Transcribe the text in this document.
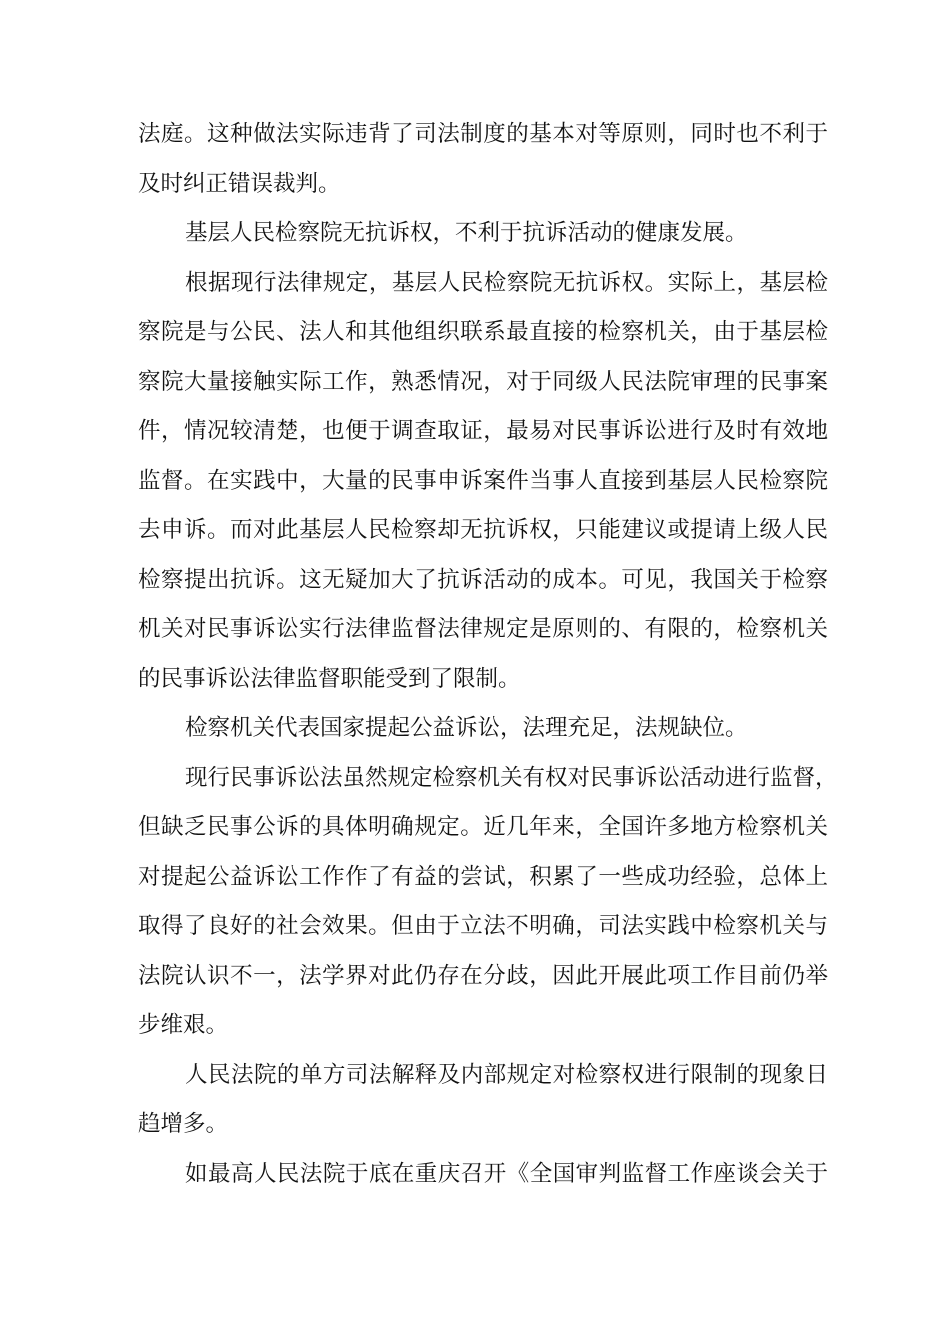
法庭。这种做法实际违背了司法制度的基本对等原则，同时也不利于
及时纠正错误裁判。
基层人民检察院无抗诉权，不利于抗诉活动的健康发展。
根据现行法律规定，基层人民检察院无抗诉权。实际上，基层检
察院是与公民、法人和其他组织联系最直接的检察机关，由于基层检
察院大量接触实际工作，熟悉情况，对于同级人民法院审理的民事案
件，情况较清楚，也便于调查取证，最易对民事诉讼进行及时有效地
监督。在实践中，大量的民事申诉案件当事人直接到基层人民检察院
去申诉。而对此基层人民检察却无抗诉权，只能建议或提请上级人民
检察提出抗诉。这无疑加大了抗诉活动的成本。可见，我国关于检察
机关对民事诉讼实行法律监督法律规定是原则的、有限的，检察机关
的民事诉讼法律监督职能受到了限制。
检察机关代表国家提起公益诉讼，法理充足，法规缺位。
现行民事诉讼法虽然规定检察机关有权对民事诉讼活动进行监督，
但缺乏民事公诉的具体明确规定。近几年来，全国许多地方检察机关
对提起公益诉讼工作作了有益的尝试，积累了一些成功经验，总体上
取得了良好的社会效果。但由于立法不明确，司法实践中检察机关与
法院认识不一，法学界对此仍存在分歧，因此开展此项工作目前仍举
步维艰。
人民法院的单方司法解释及内部规定对检察权进行限制的现象日
趋增多。
如最高人民法院于底在重庆召开《全国审判监督工作座谈会关于
